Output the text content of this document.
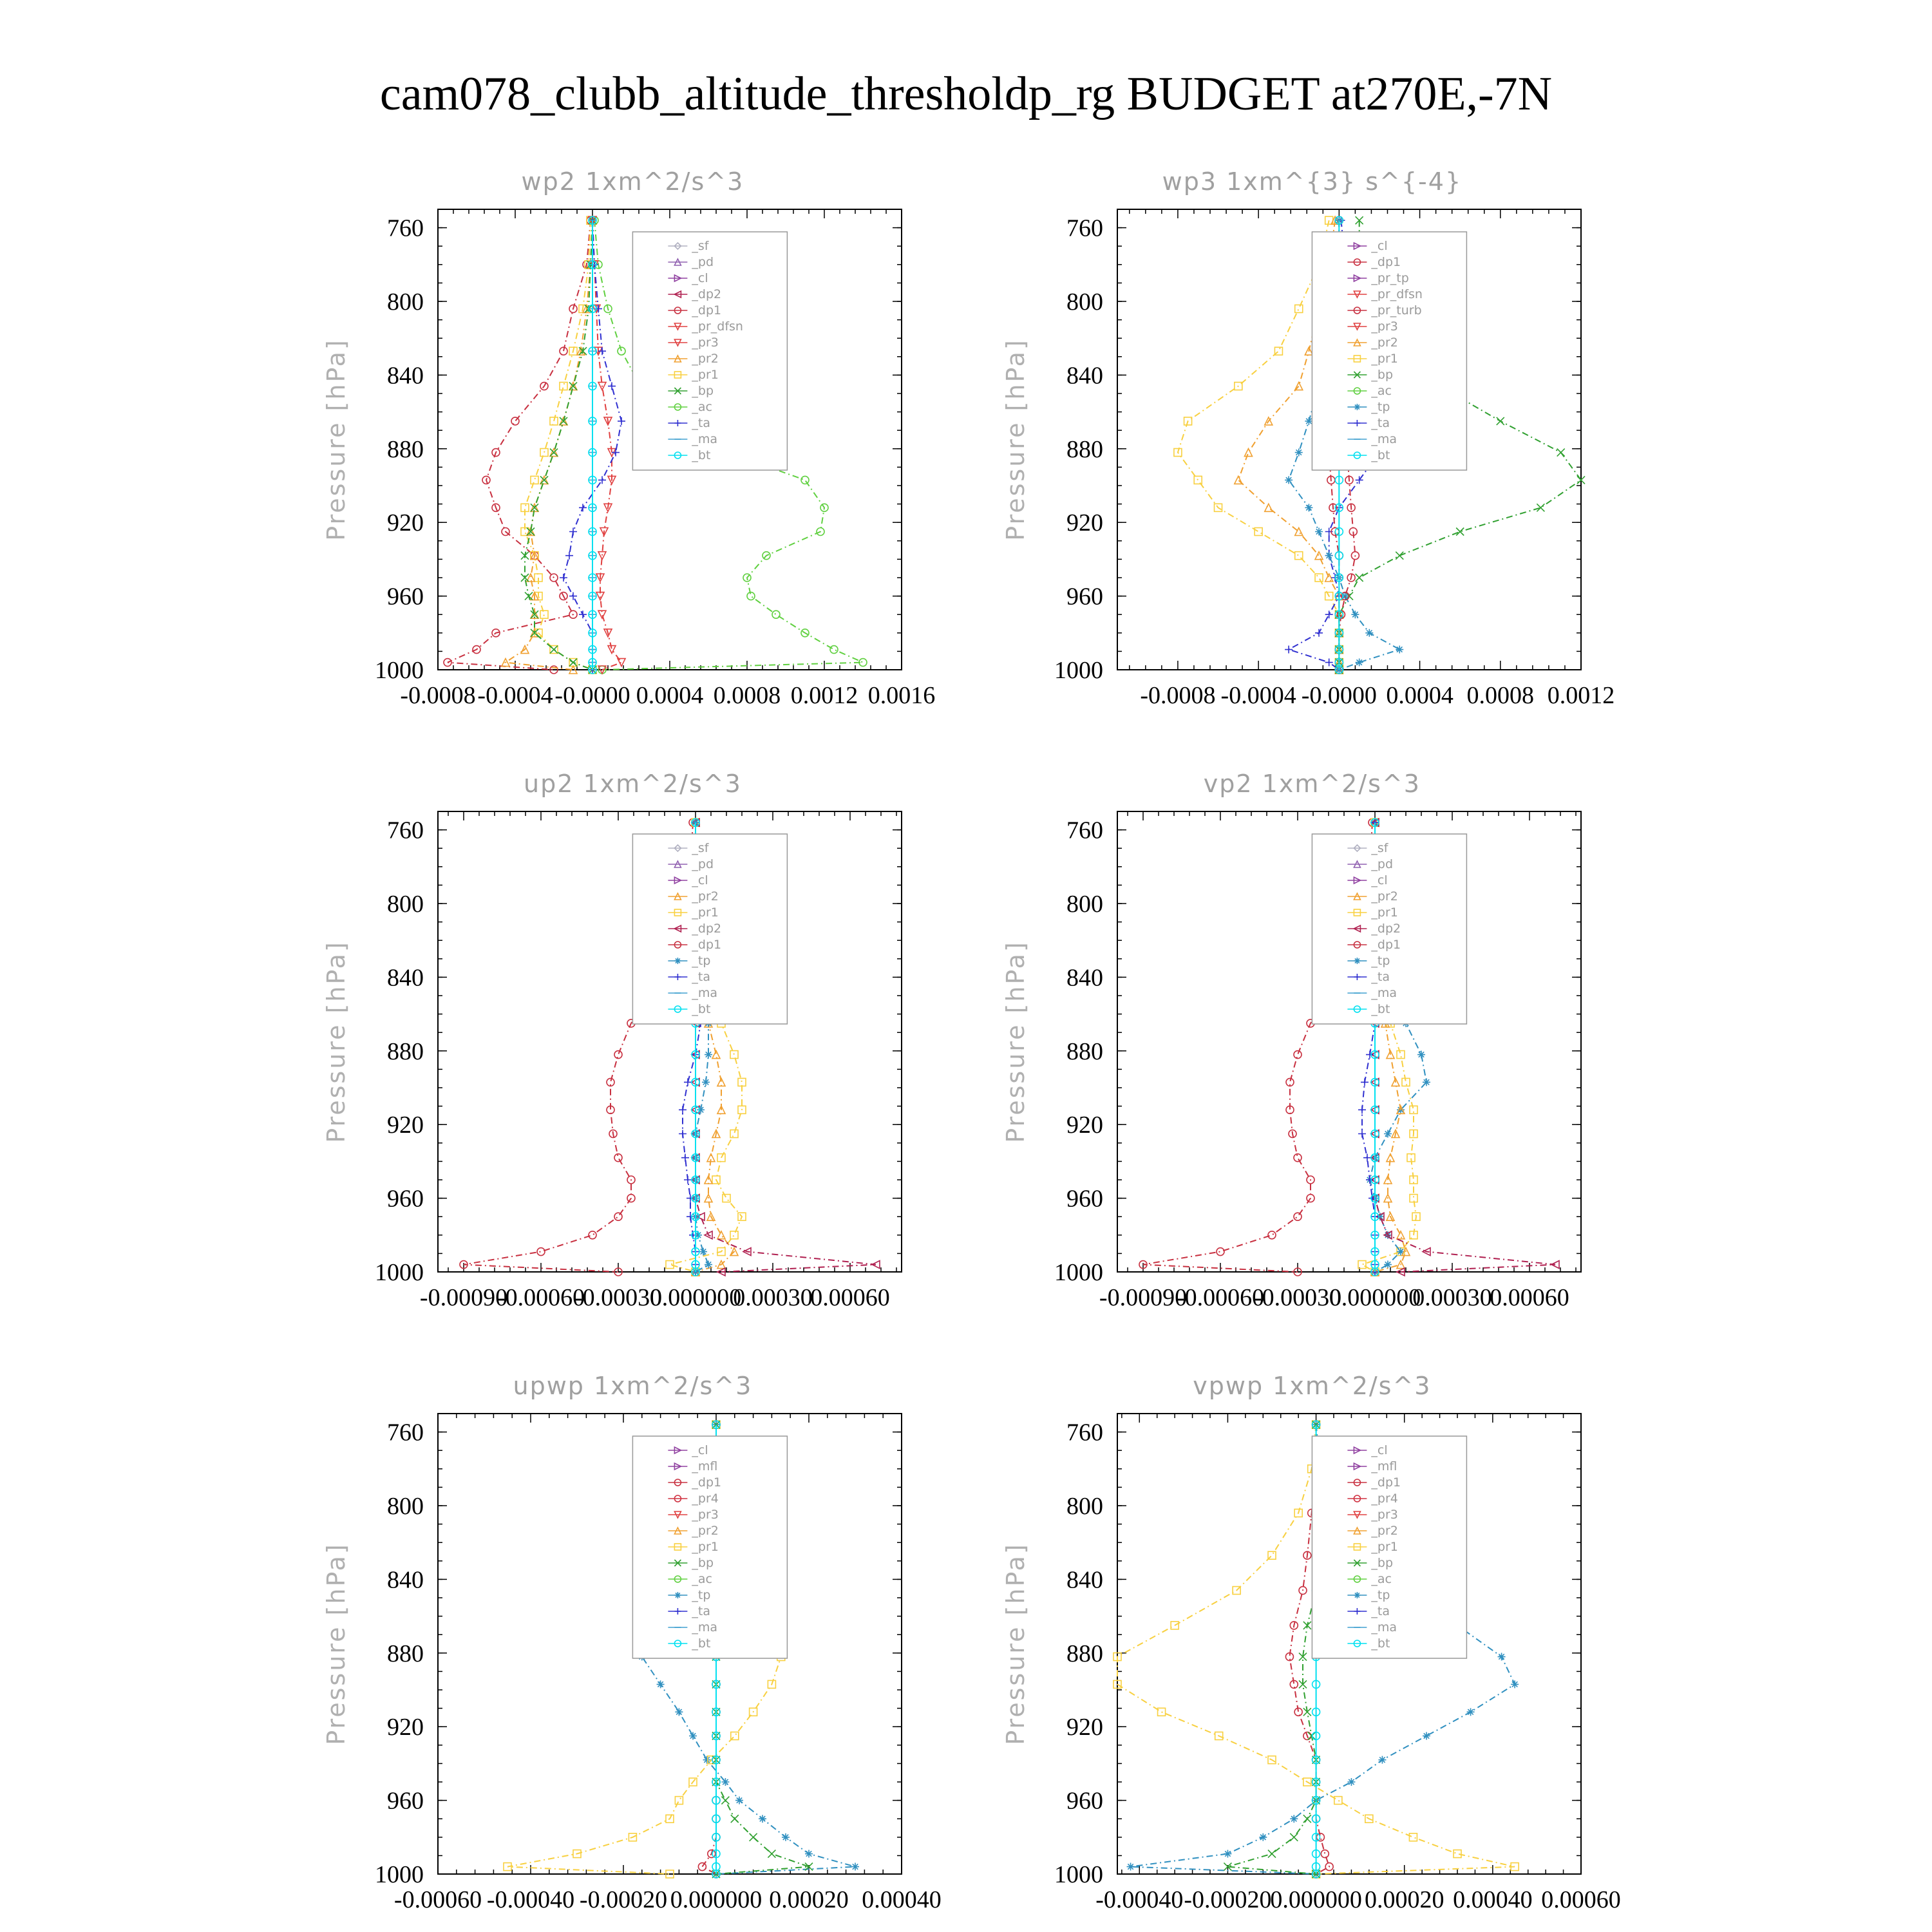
cam078_clubb_altitude_thresholdp_rg BUDGET at270E,-7N
wp2 1xm^2/s^3
760
800
840
880
920
960
1000
-0.0008 -0.0004 -0.0000 0.0004 0.0008 0.0012 0.0016
Pressure [hPa]
_sf
_pd
_cl
_dp2
_dp1
_pr_dfsn
_pr3
_pr2
_pr1
_bp
_ac
_ta
_ma
_bt
wp3 1xm^{3} s^{-4}
760
800
840
880
920
960
1000
-0.0008 -0.0004 -0.0000 0.0004 0.0008 0.0012
Pressure [hPa]
_cl
_dp1
_pr_tp
_pr_dfsn
_pr_turb
_pr3
_pr2
_pr1
_bp
_ac
_tp
_ta
_ma
_bt
up2 1xm^2/s^3
760
800
840
880
920
960
1000
-0.00090
-0.00060
-0.00030
0.000000
0.00030
0.00060
Pressure [hPa]
_sf
_pd
_cl
_pr2
_pr1
_dp2
_dp1
_tp
_ta
_ma
_bt
vp2 1xm^2/s^3
760
800
840
880
920
960
1000
-0.00090
-0.00060
-0.00030
0.000000
0.00030
0.00060
Pressure [hPa]
_sf
_pd
_cl
_pr2
_pr1
_dp2
_dp1
_tp
_ta
_ma
_bt
upwp 1xm^2/s^3
760
800
840
880
920
960
1000
-0.00060 -0.00040 -0.00020 0.000000 0.00020 0.00040
Pressure [hPa]
_cl
_mfl
_dp1
_pr4
_pr3
_pr2
_pr1
_bp
_ac
_tp
_ta
_ma
_bt
vpwp 1xm^2/s^3
760
800
840
880
920
960
1000
-0.00040 -0.00020
0.000000 0.00020 0.00040 0.00060
Pressure [hPa]
_cl
_mfl
_dp1
_pr4
_pr3
_pr2
_pr1
_bp
_ac
_tp
_ta
_ma
_bt
